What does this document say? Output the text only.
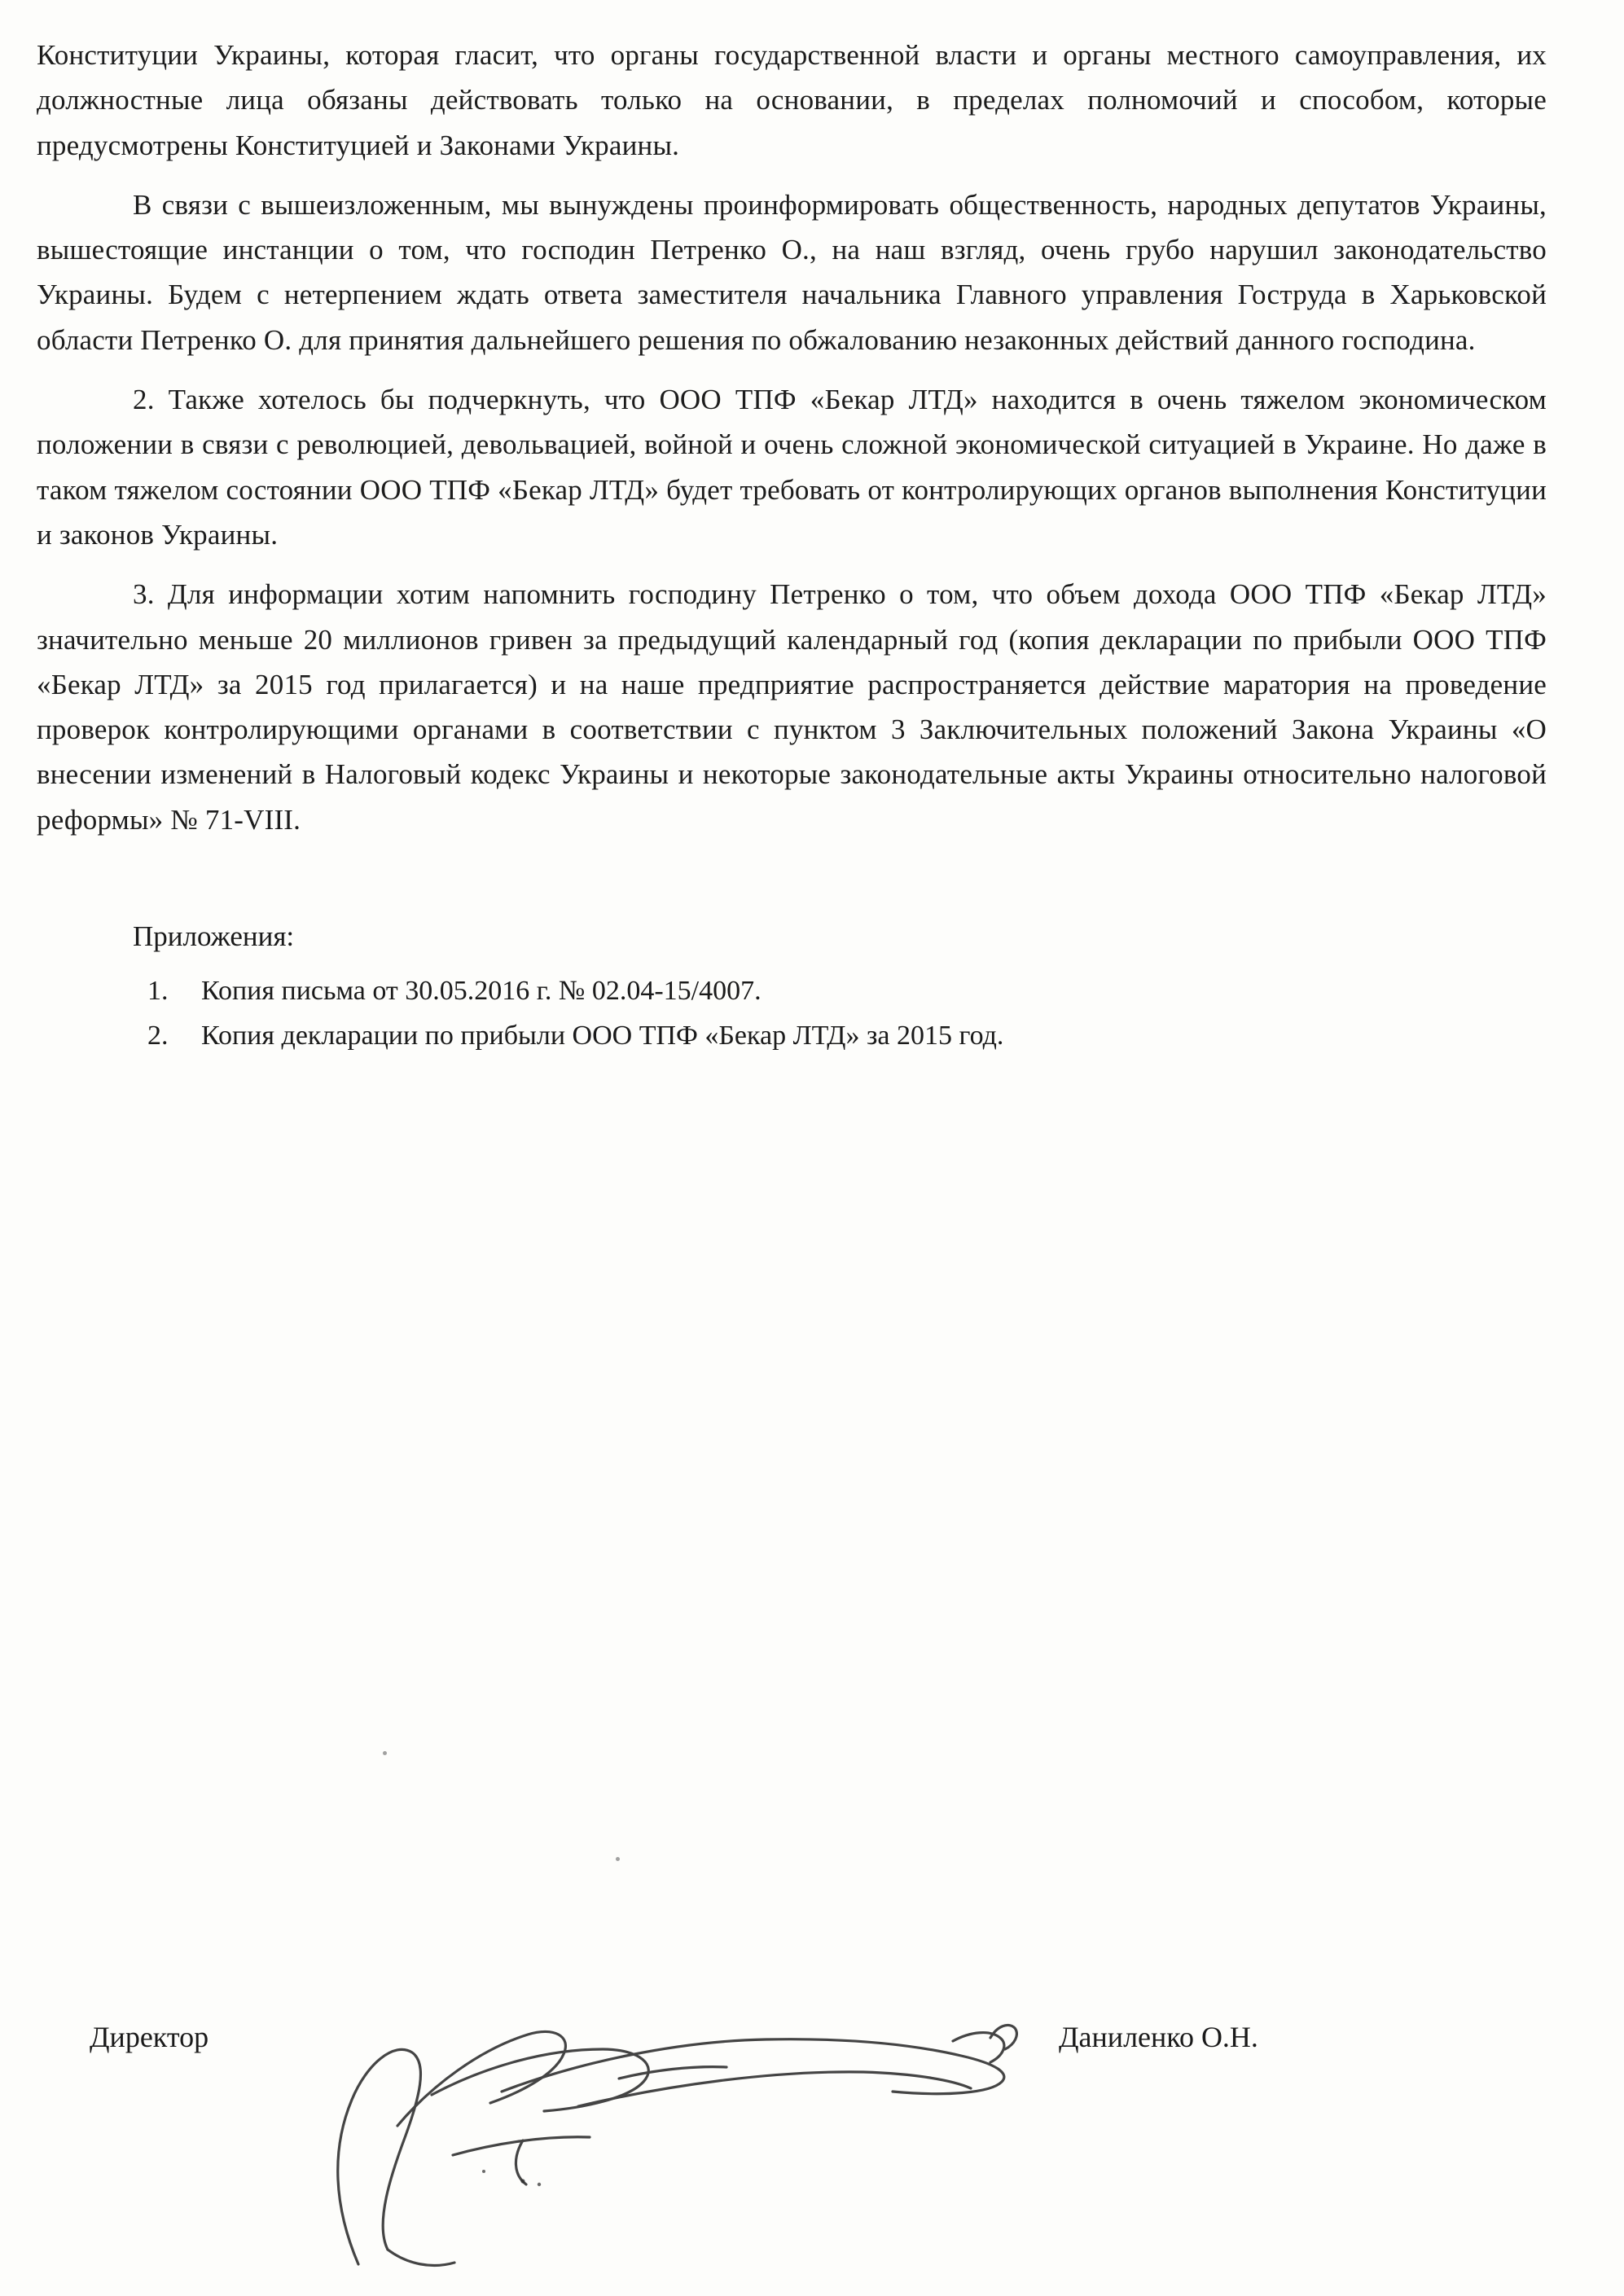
Конституции Украины, которая гласит, что органы государственной власти и органы местного самоуправления, их должностные лица обязаны действовать только на основании, в пределах полномочий и способом, которые предусмотрены Конституцией и Законами Украины.

В связи с вышеизложенным, мы вынуждены проинформировать общественность, народных депутатов Украины, вышестоящие инстанции о том, что господин Петренко О., на наш взгляд, очень грубо нарушил законодательство Украины. Будем с нетерпением ждать ответа заместителя начальника Главного управления Гоструда в Харьковской области Петренко О. для принятия дальнейшего решения по обжалованию незаконных действий данного господина.

2. Также хотелось бы подчеркнуть, что ООО ТПФ «Бекар ЛТД» находится в очень тяжелом экономическом положении в связи с революцией, девольвацией, войной и очень сложной экономической ситуацией в Украине. Но даже в таком тяжелом состоянии ООО ТПФ «Бекар ЛТД» будет требовать от контролирующих органов выполнения Конституции и законов Украины.

3. Для информации хотим напомнить господину Петренко о том, что объем дохода ООО ТПФ «Бекар ЛТД» значительно меньше 20 миллионов гривен за предыдущий календарный год (копия декларации по прибыли ООО ТПФ «Бекар ЛТД» за 2015 год прилагается) и на наше предприятие распространяется действие маратория на проведение проверок контролирующими органами в соответствии с пунктом 3 Заключительных положений Закона Украины «О внесении изменений в Налоговый кодекс Украины и некоторые законодательные акты Украины относительно налоговой реформы» № 71-VIII.

Приложения:
1.	Копия письма от 30.05.2016 г. № 02.04-15/4007.
2.	Копия декларации по прибыли ООО ТПФ «Бекар ЛТД» за 2015 год.
Директор	Даниленко О.Н.
